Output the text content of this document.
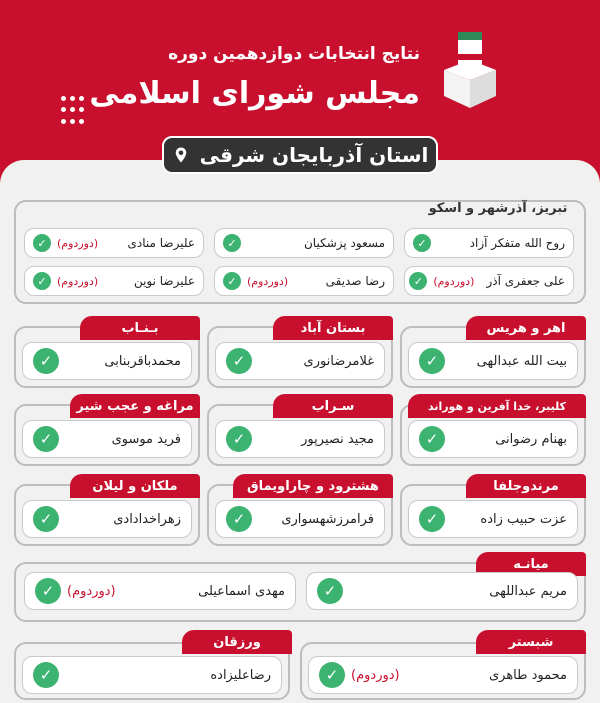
نتایج انتخابات دوازدهمین دوره
مجلس شورای اسلامی
استان آذربایجان شرقی
تبریز، آذرشهر و اسکو
روح الله متفکر آزاد
✓
مسعود پزشکیان
✓
علیرضا منادی
(دوردوم)
✓
علی جعفری آذر
(دوردوم)
✓
رضا صدیقی
(دوردوم)
✓
علیرضا نوین
(دوردوم)
✓
اهر و هریس
بیت الله عبدالهی
✓
بستان آباد
غلامرضانوری
✓
بـنـاب
محمدباقربنابی
✓
کلیبر، خدا آفرین و هوراند
بهنام رضوانی
✓
سـراب
مجید نصیرپور
✓
مراغه و عجب شیر
فرید موسوی
✓
مرندوجلفا
عزت حبیب زاده
✓
هشترود و چاراویماق
فرامرزشهسواری
✓
ملکان و لیلان
زهراخدادادی
✓
میانـه
مریم عبداللهی
✓
مهدی اسماعیلی
(دوردوم)
✓
شبستر
محمود طاهری
(دوردوم)
✓
ورزقان
رضاعلیزاده
✓
